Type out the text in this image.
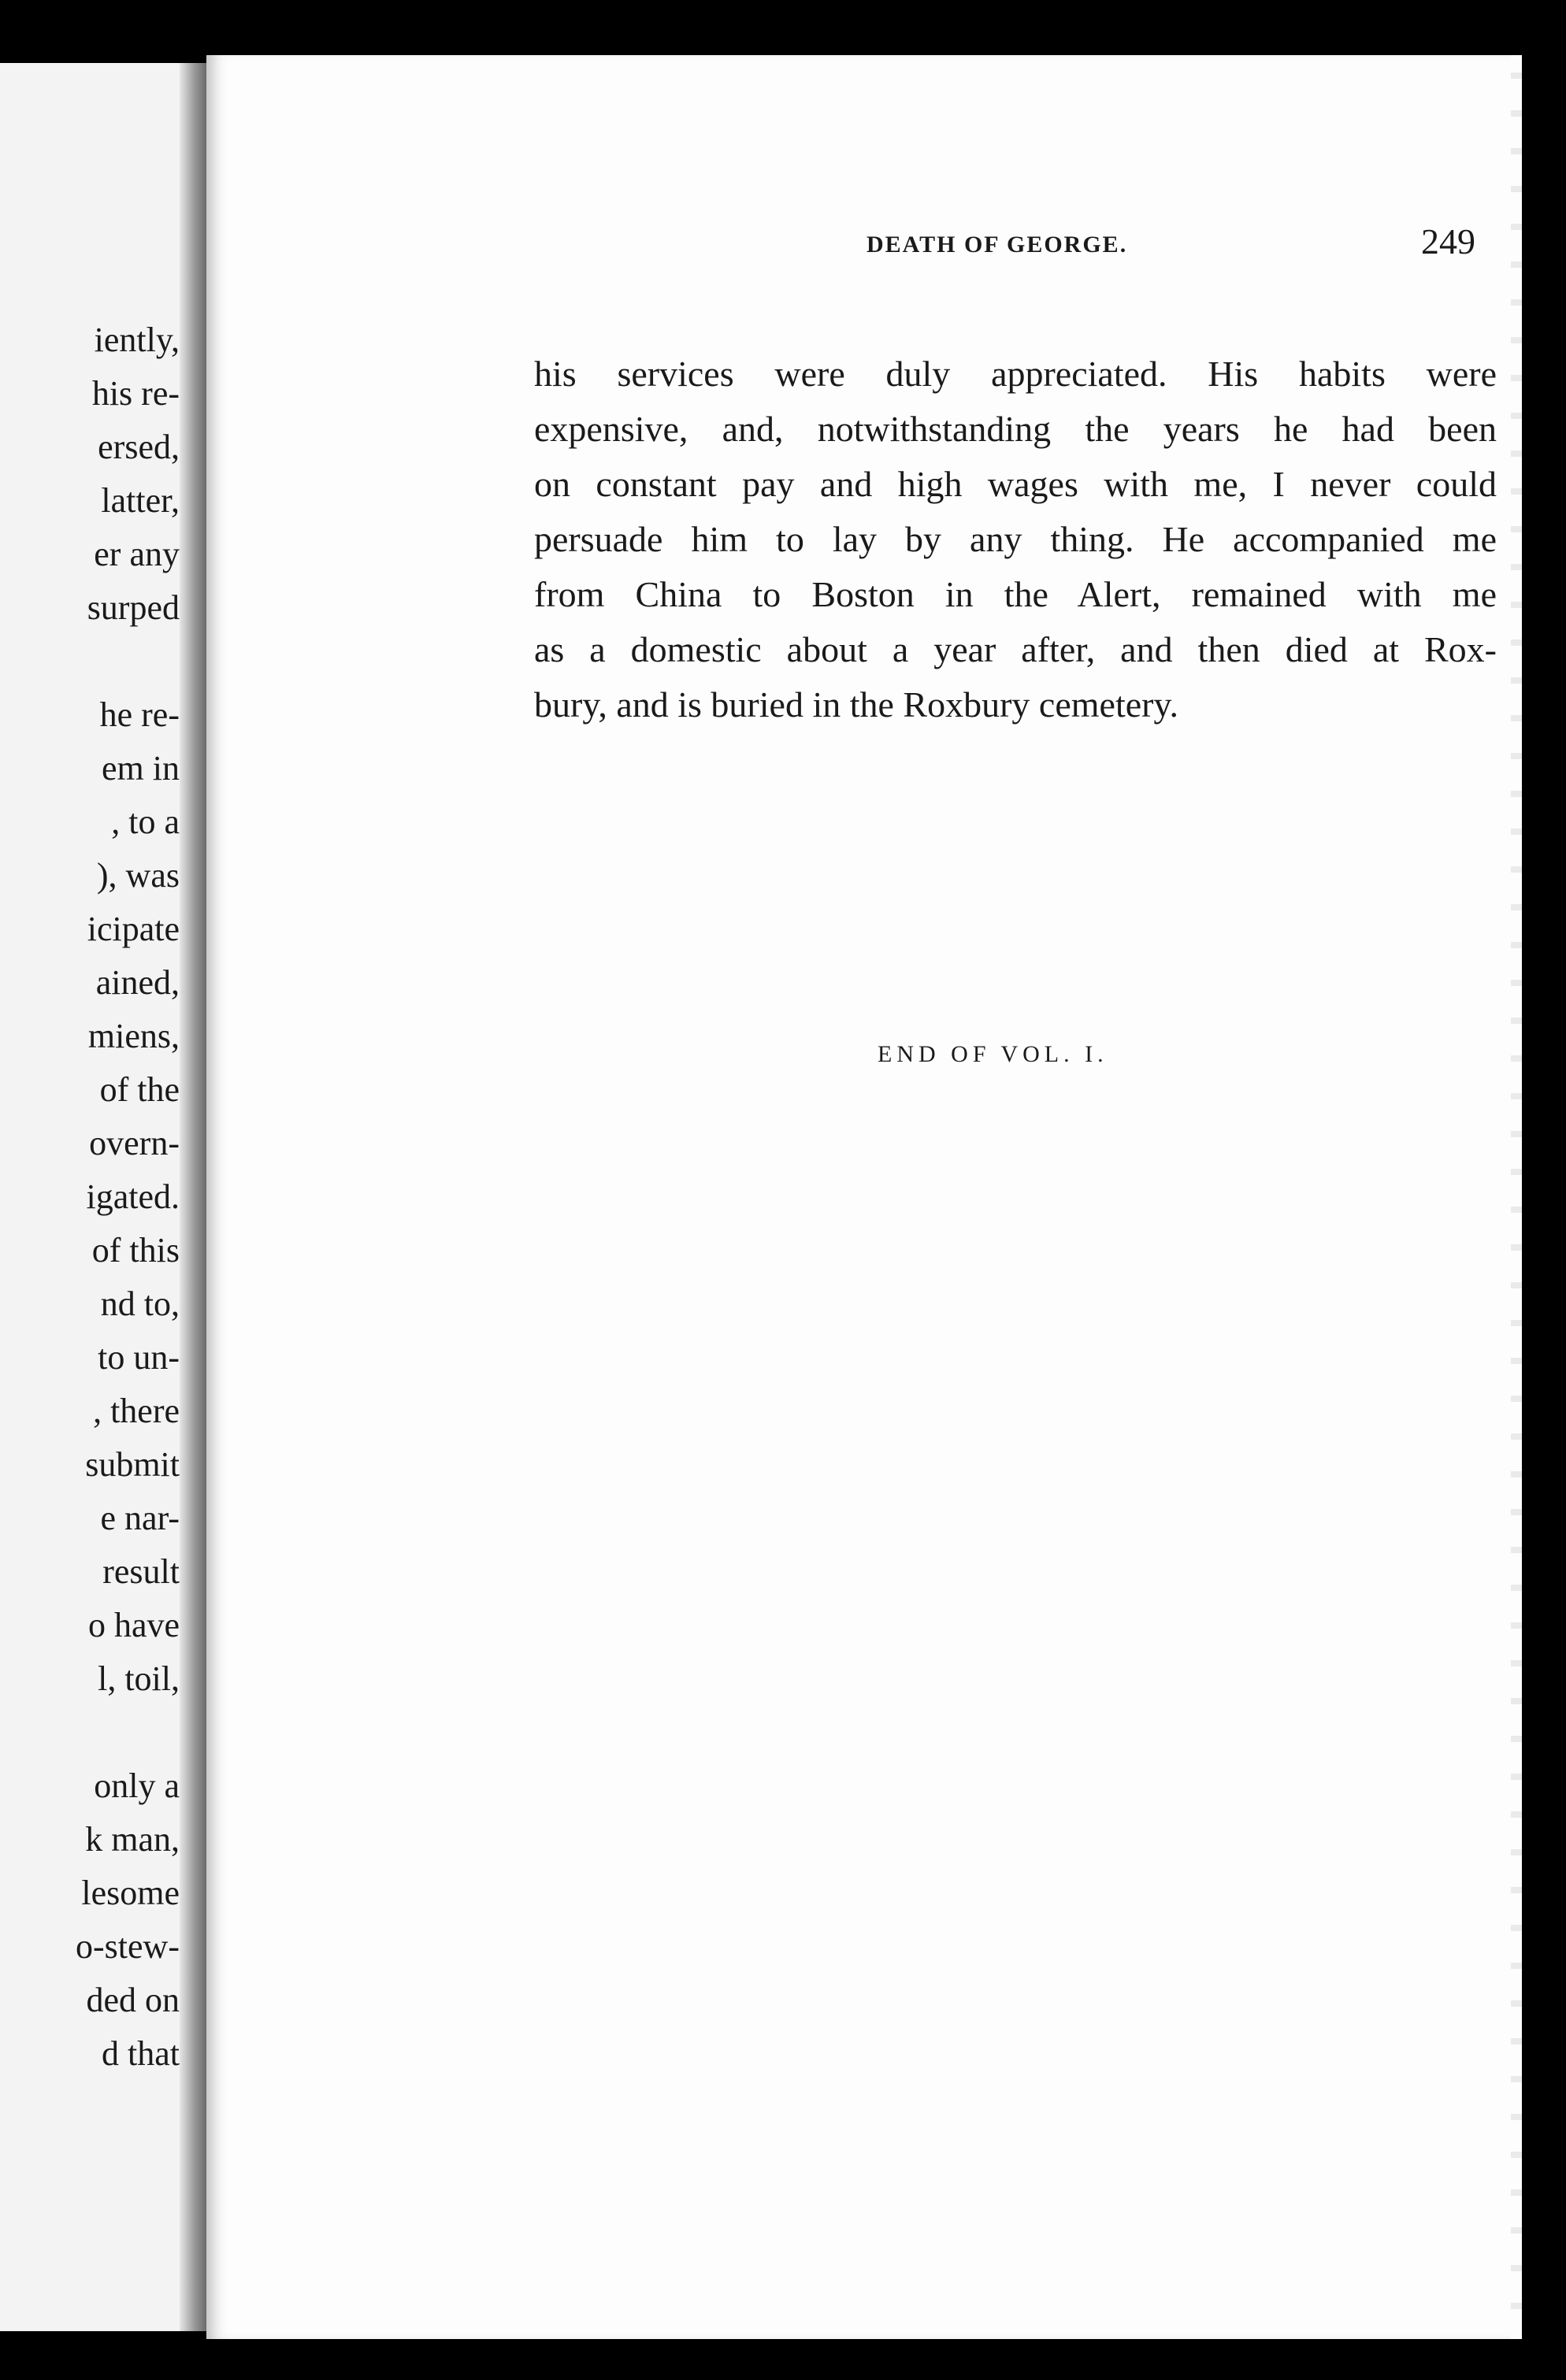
iently,
his re-
ersed,
latter,
er any
surped
he re-
em in
, to a
), was
icipate
ained,
miens,
of the
overn-
igated.
of this
nd to,
to un-
, there
submit
e nar-
result
o have
l, toil,
only a
k man,
lesome
o-stew-
ded on
d that
DEATH OF GEORGE.	249
his services were duly appreciated. His habits were
expensive, and, notwithstanding the years he had been
on constant pay and high wages with me, I never could
persuade him to lay by any thing. He accompanied me
from China to Boston in the Alert, remained with me
as a domestic about a year after, and then died at Rox-
bury, and is buried in the Roxbury cemetery.
END OF VOL. I.
